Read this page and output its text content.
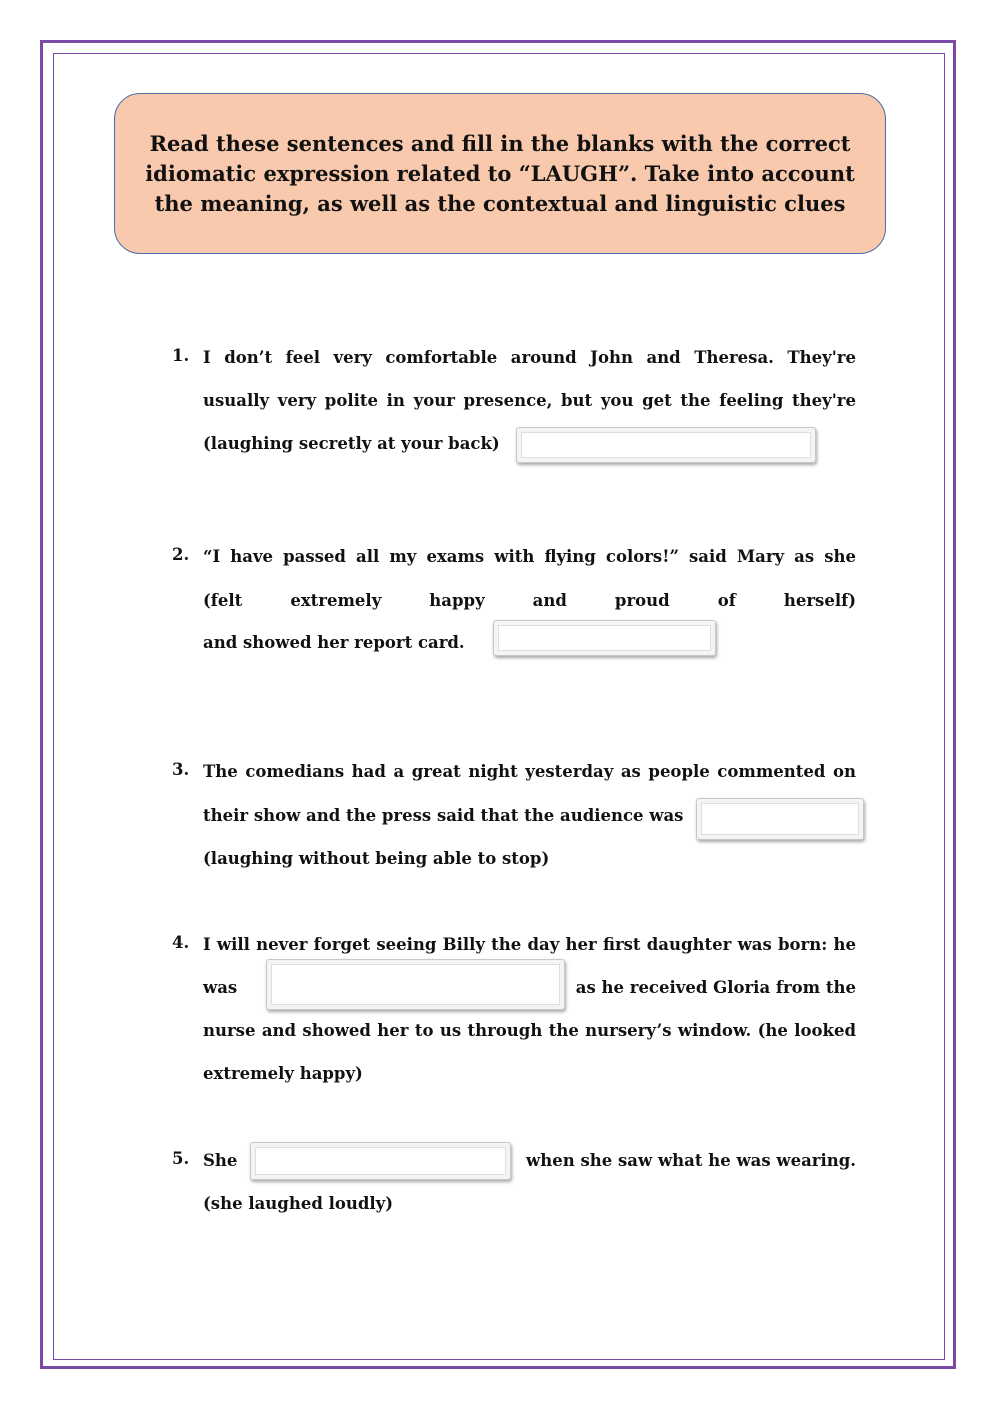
Read these sentences and fill in the blanks with the correct idiomatic expression related to “LAUGH”. Take into account the meaning, as well as the contextual and linguistic clues
1. I don’t feel very comfortable around John and Theresa. They're
usually very polite in your presence, but you get the feeling they're
(laughing secretly at your back)
2. “I have passed all my exams with flying colors!” said Mary as she
(felt extremely happy and proud of herself)
and showed her report card.
3. The comedians had a great night yesterday as people commented on
their show and the press said that the audience was
(laughing without being able to stop)
4. I will never forget seeing Billy the day her first daughter was born: he
was	as he received Gloria from the
nurse and showed her to us through the nursery’s window. (he looked
extremely happy)
5. She	when she saw what he was wearing.
(she laughed loudly)
